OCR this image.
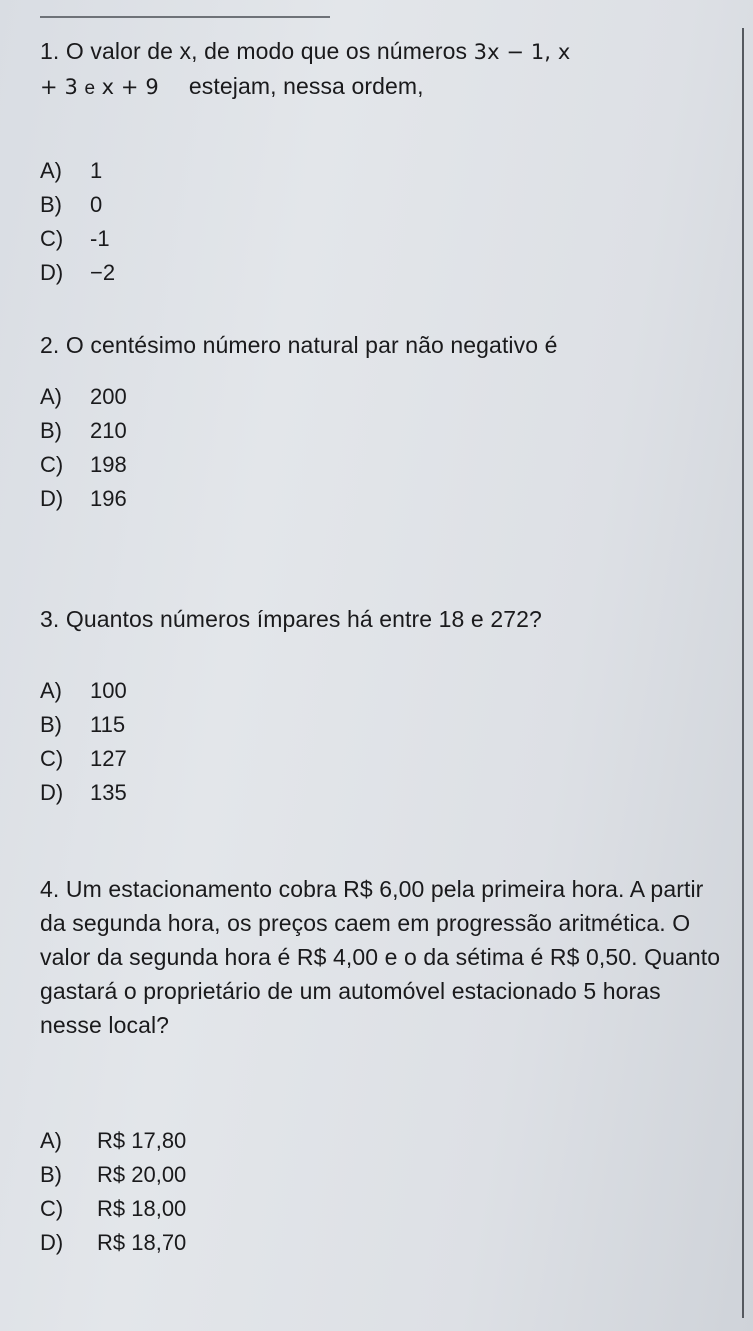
1. O valor de x, de modo que os números 3x − 1, x
+ 3 e x + 9 estejam, nessa ordem,

A) 1
B) 0
C) -1
D) −2

2. O centésimo número natural par não negativo é

A) 200
B) 210
C) 198
D) 196

3. Quantos números ímpares há entre 18 e 272?

A) 100
B) 115
C) 127
D) 135

4. Um estacionamento cobra R$ 6,00 pela primeira hora. A partir da segunda hora, os preços caem em progressão aritmética. O valor da segunda hora é R$ 4,00 e o da sétima é R$ 0,50. Quanto gastará o proprietário de um automóvel estacionado 5 horas nesse local?

A) R$ 17,80
B) R$ 20,00
C) R$ 18,00
D) R$ 18,70
